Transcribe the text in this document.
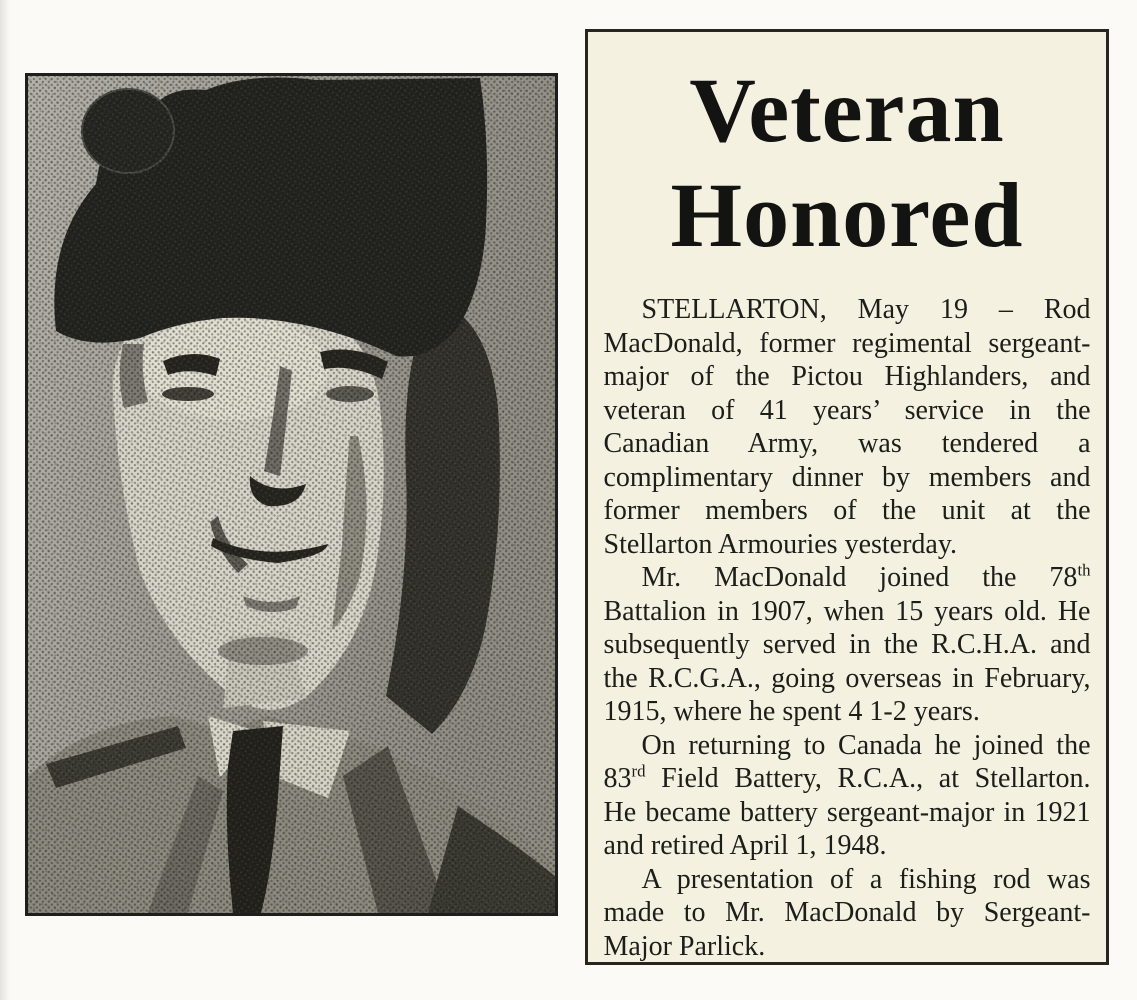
Veteran
Honored
STELLARTON, May 19 – Rod
MacDonald, former regimental sergeant-
major of the Pictou Highlanders, and
veteran of 41 years’ service in the
Canadian Army, was tendered a
complimentary dinner by members and
former members of the unit at the
Stellarton Armouries yesterday.
Mr. MacDonald joined the 78th
Battalion in 1907, when 15 years old. He
subsequently served in the R.C.H.A. and
the R.C.G.A., going overseas in February,
1915, where he spent 4 1-2 years.
On returning to Canada he joined the
83rd Field Battery, R.C.A., at Stellarton.
He became battery sergeant-major in 1921
and retired April 1, 1948.
A presentation of a fishing rod was
made to Mr. MacDonald by Sergeant-
Major Parlick.
